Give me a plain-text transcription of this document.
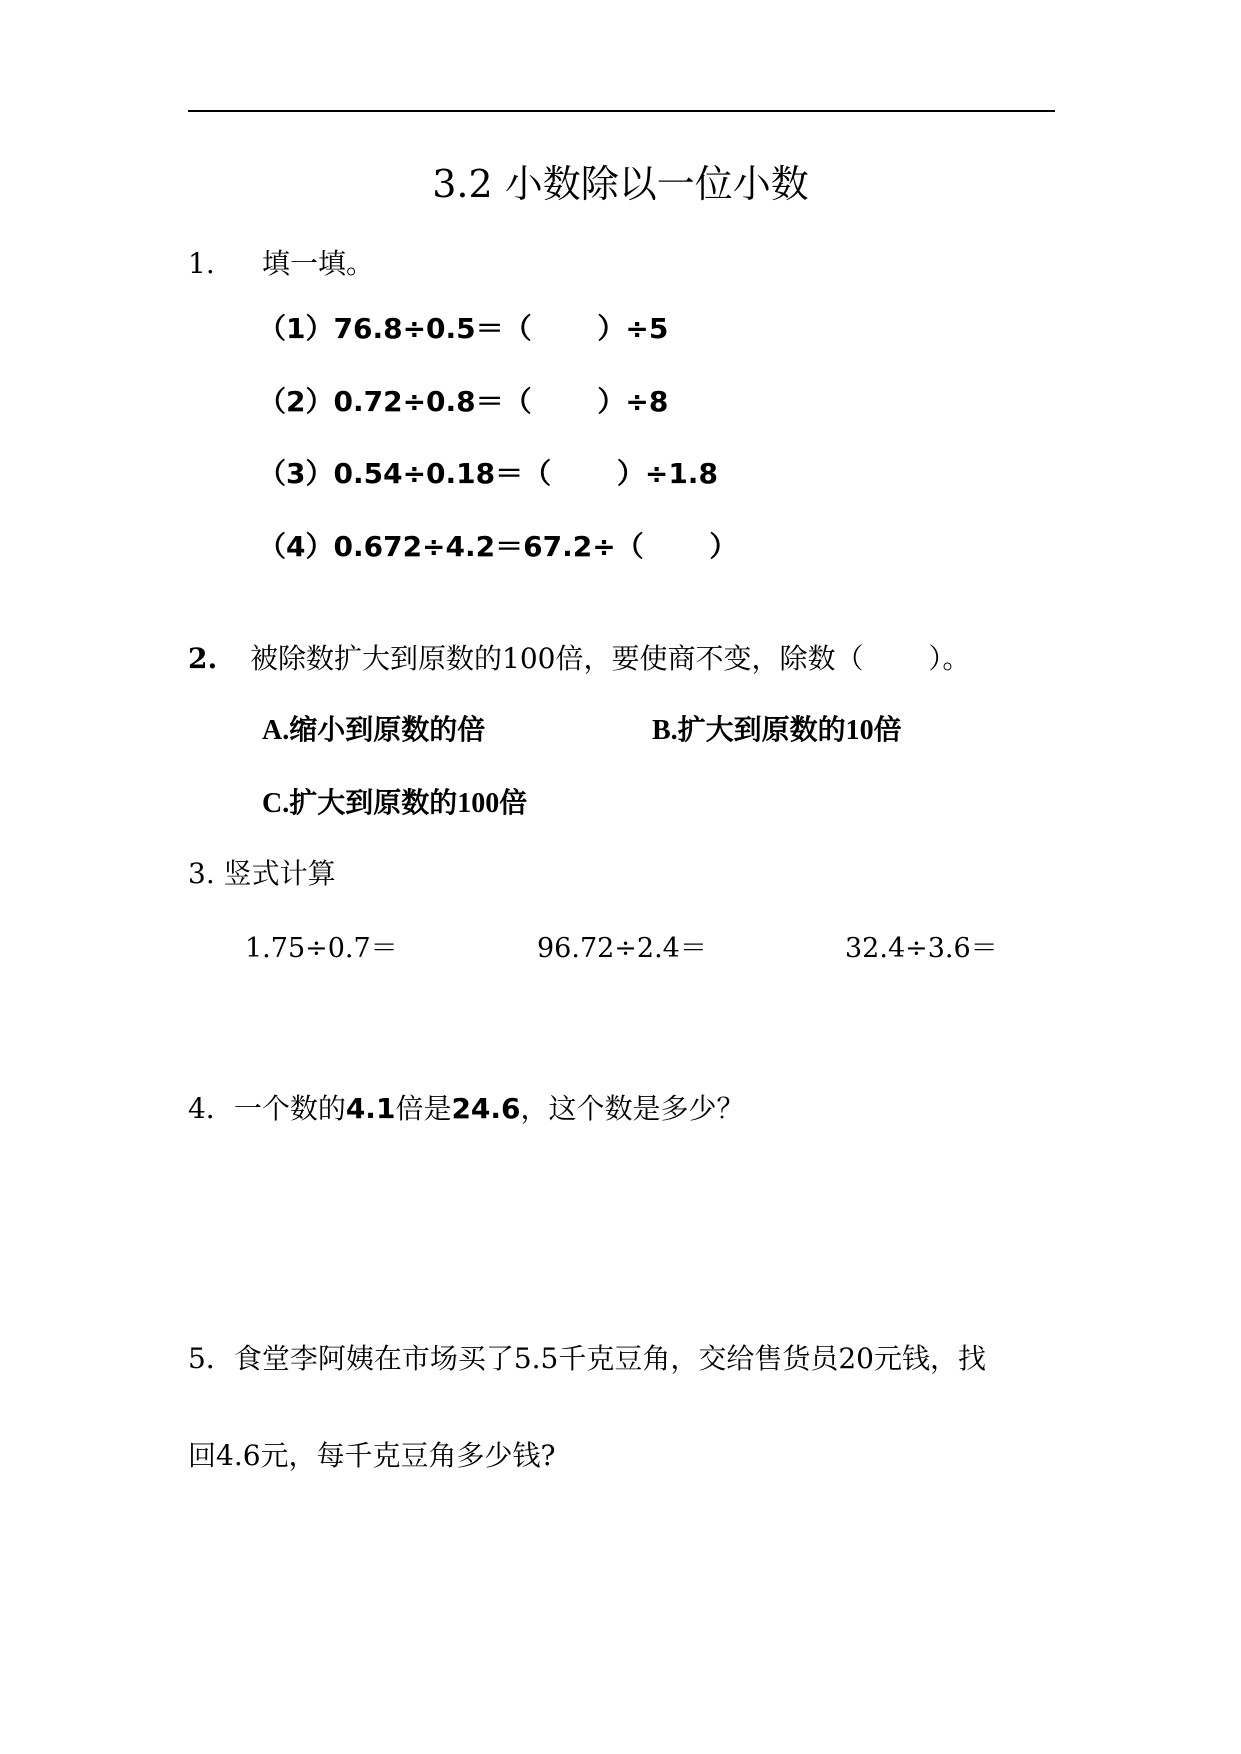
3.2 小数除以一位小数
1. 填一填。
（1）76.8÷0.5＝（　　 ）÷5
（2）0.72÷0.8＝（　　 ）÷8
（3）0.54÷0.18＝（　　 ）÷1.8
（4）0.672÷4.2＝67.2÷（　　 ）
2. 被除数扩大到原数的100倍，要使商不变，除数（　　 ）。
A.缩小到原数的倍	B.扩大到原数的10倍
C.扩大到原数的100倍
3. 竖式计算
1.75÷0.7＝	96.72÷2.4＝	32.4÷3.6＝
4．一个数的4.1倍是24.6，这个数是多少？
5．食堂李阿姨在市场买了5.5千克豆角，交给售货员20元钱，找
回4.6元，每千克豆角多少钱?
